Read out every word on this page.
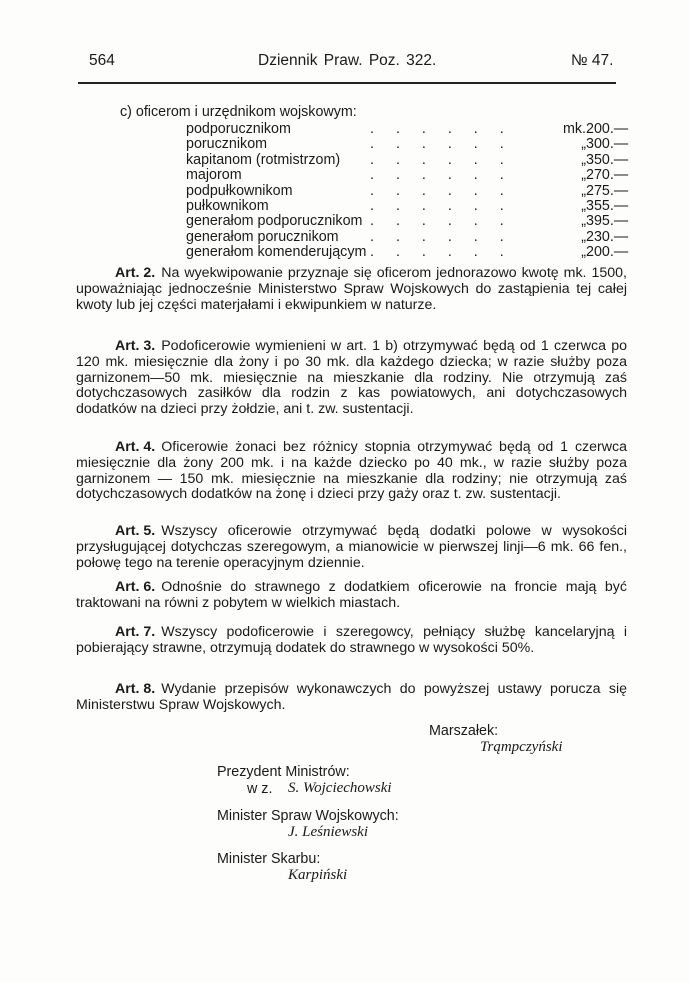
564	Dziennik Praw. Poz. 322.	№ 47.
c) oficerom i urzędnikom wojskowym:
podporucznikom	. . . . . .	mk. 200.—
porucznikom	. . . . . .	„ 300.—
kapitanom (rotmistrzom) . . . . . .	„ 350.—
majorom	. . . . . .	„ 270.—
podpułkownikom	. . . . . .	„ 275.—
pułkownikom	. . . . . .	„ 355.—
generałom podporucznikom . . . . . .	„ 395.—
generałom porucznikom . . . . . .	„ 230.—
generałom komenderującym . . . . . .	„ 200.—
Art. 2. Na wyekwipowanie przyznaje się oficerom jednorazowo kwotę mk. 1500, upoważniając jednocześnie Ministerstwo Spraw Wojskowych do zastąpienia tej całej kwoty lub jej części materjałami i ekwipunkiem w naturze.
Art. 3. Podoficerowie wymienieni w art. 1 b) otrzymywać będą od 1 czerwca po 120 mk. miesięcznie dla żony i po 30 mk. dla każdego dziecka; w razie służby poza garnizonem—50 mk. miesięcznie na mieszkanie dla rodziny. Nie otrzymują zaś dotychczasowych zasiłków dla rodzin z kas powiatowych, ani dotychczasowych dodatków na dzieci przy żołdzie, ani t. zw. sustentacji.
Art. 4. Oficerowie żonaci bez różnicy stopnia otrzymywać będą od 1 czerwca miesięcznie dla żony 200 mk. i na każde dziecko po 40 mk., w razie służby poza garnizonem — 150 mk. miesięcznie na mieszkanie dla rodziny; nie otrzymują zaś dotychczasowych dodatków na żonę i dzieci przy gaży oraz t. zw. sustentacji.
Art. 5. Wszyscy oficerowie otrzymywać będą dodatki polowe w wysokości przysługującej dotychczas szeregowym, a mianowicie w pierwszej linji—6 mk. 66 fen., połowę tego na terenie operacyjnym dziennie.
Art. 6. Odnośnie do strawnego z dodatkiem oficerowie na froncie mają być traktowani na równi z pobytem w wielkich miastach.
Art. 7. Wszyscy podoficerowie i szeregowcy, pełniący służbę kancelaryjną i pobierający strawne, otrzymują dodatek do strawnego w wysokości 50%.
Art. 8. Wydanie przepisów wykonawczych do powyższej ustawy porucza się Ministerstwu Spraw Wojskowych.
Marszałek:
Trąmpczyński
Prezydent Ministrów:
w z. S. Wojciechowski
Minister Spraw Wojskowych:
J. Leśniewski
Minister Skarbu:
Karpiński
